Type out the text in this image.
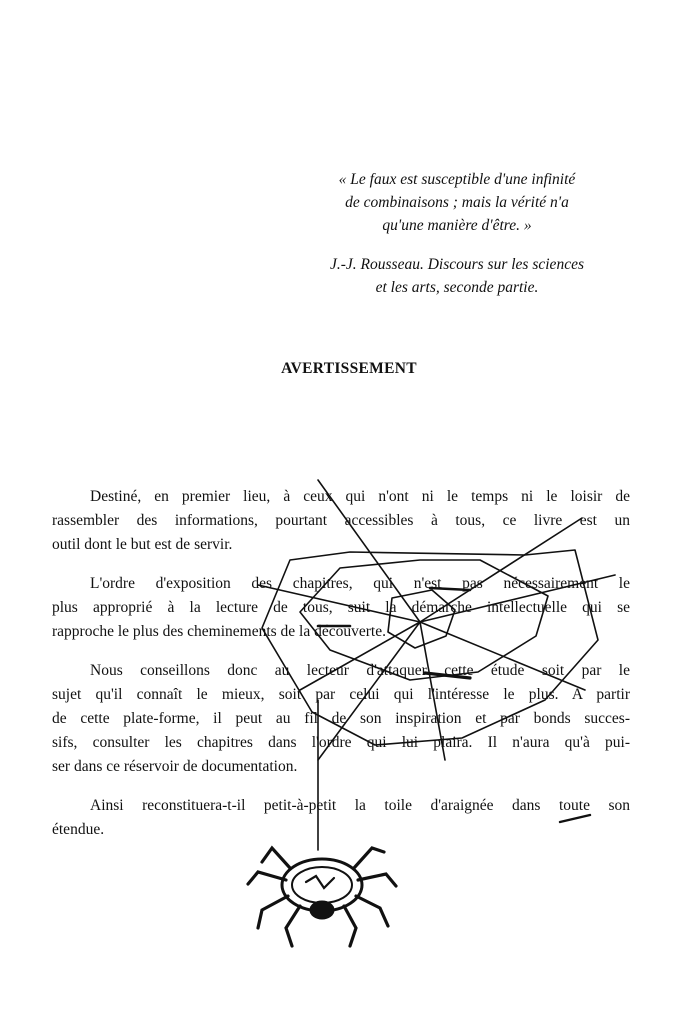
« Le faux est susceptible d'une infinité
de combinaisons ; mais la vérité n'a
qu'une manière d'être. »
J.-J. Rousseau. Discours sur les sciences
et les arts, seconde partie.
AVERTISSEMENT

Destiné, en premier lieu, à ceux qui n'ont ni le temps ni le loisir de
rassembler des informations, pourtant accessibles à tous, ce livre est un
outil dont le but est de servir.

L'ordre d'exposition des chapitres, qui n'est pas nécessairement le
plus approprié à la lecture de tous, suit la démarche intellectuelle qui se
rapproche le plus des cheminements de la découverte.

Nous conseillons donc au lecteur d'attaquer cette étude soit par le
sujet qu'il connaît le mieux, soit par celui qui l'intéresse le plus. A partir
de cette plate-forme, il peut au fil de son inspiration et par bonds succes-
sifs, consulter les chapitres dans l'ordre qui lui plaira. Il n'aura qu'à pui-
ser dans ce réservoir de documentation.

Ainsi reconstituera-t-il petit-à-petit la toile d'araignée dans toute son
étendue.
